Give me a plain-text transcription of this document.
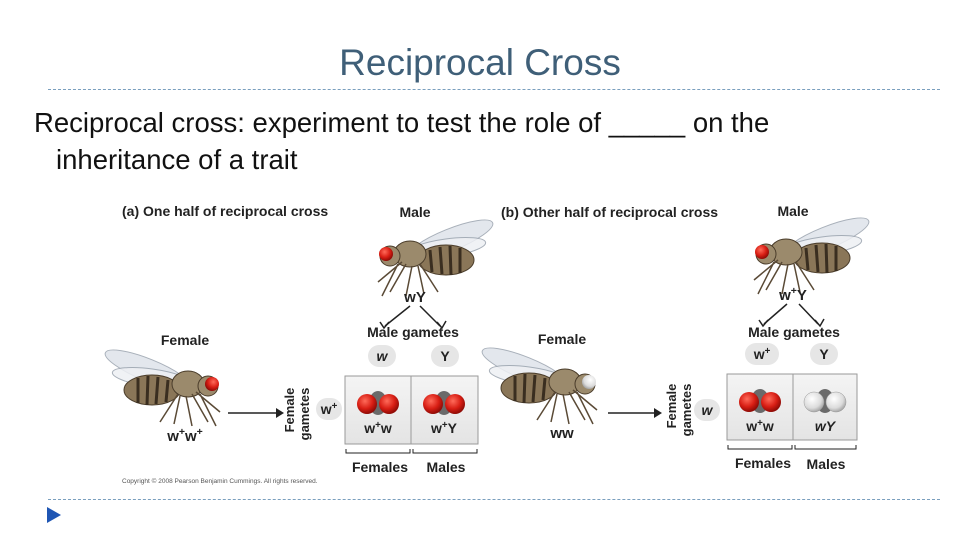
Reciprocal Cross
Reciprocal cross: experiment to test the role of _____ on the
inheritance of a trait
(a) One half of reciprocal cross	Male
wY
Male gametes
w	Y
Female
w+w+	Female gametes w+
w+w	w+Y
Females Males
Copyright © 2008 Pearson Benjamin Cummings. All rights reserved.
(b) Other half of reciprocal cross	Male
w+Y
Male gametes
w+	Y
Female
ww
Female gametes w
w+w	wY
Females Males
